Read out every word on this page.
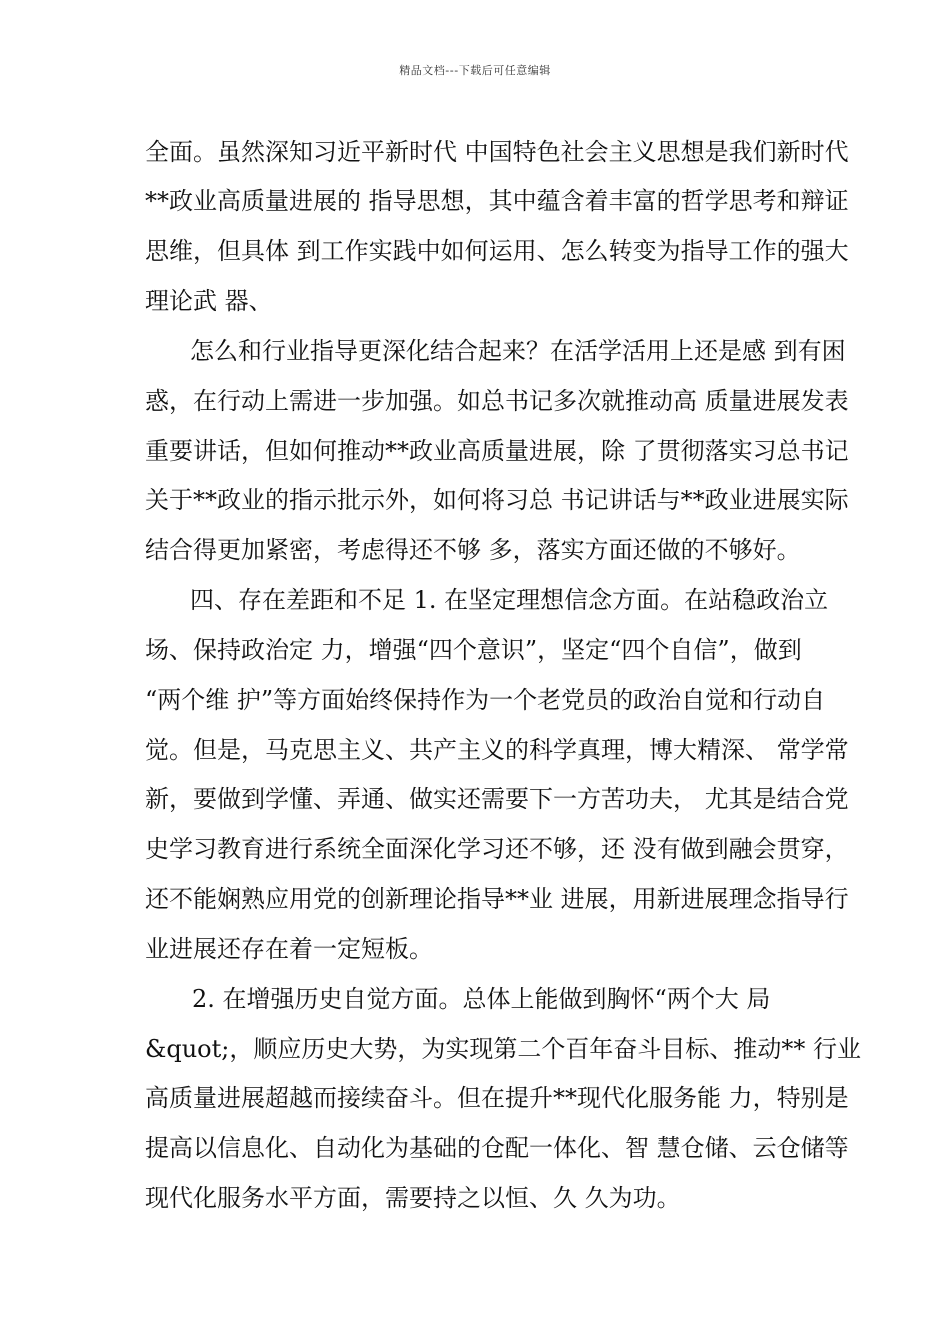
精品文档---下载后可任意编辑
全面。虽然深知习近平新时代 中国特色社会主义思想是我们新时代
**政业高质量进展的 指导思想，其中蕴含着丰富的哲学思考和辩证
思维，但具体 到工作实践中如何运用、怎么转变为指导工作的强大
理论武 器、
怎么和行业指导更深化结合起来？在活学活用上还是感 到有困
惑，在行动上需进一步加强。如总书记多次就推动高 质量进展发表
重要讲话，但如何推动**政业高质量进展，除 了贯彻落实习总书记
关于**政业的指示批示外，如何将习总 书记讲话与**政业进展实际
结合得更加紧密，考虑得还不够 多，落实方面还做的不够好。
四、存在差距和不足 1. 在坚定理想信念方面。在站稳政治立
场、保持政治定 力，增强“四个意识”，坚定“四个自信”，做到
“两个维 护”等方面始终保持作为一个老党员的政治自觉和行动自
觉。但是，马克思主义、共产主义的科学真理，博大精深、 常学常
新，要做到学懂、弄通、做实还需要下一方苦功夫， 尤其是结合党
史学习教育进行系统全面深化学习还不够，还 没有做到融会贯穿，
还不能娴熟应用党的创新理论指导**业 进展，用新进展理念指导行
业进展还存在着一定短板。
2. 在增强历史自觉方面。总体上能做到胸怀“两个大 局
&quot;，顺应历史大势，为实现第二个百年奋斗目标、推动** 行业
高质量进展超越而接续奋斗。但在提升**现代化服务能 力，特别是
提高以信息化、自动化为基础的仓配一体化、智 慧仓储、云仓储等
现代化服务水平方面，需要持之以恒、久 久为功。
